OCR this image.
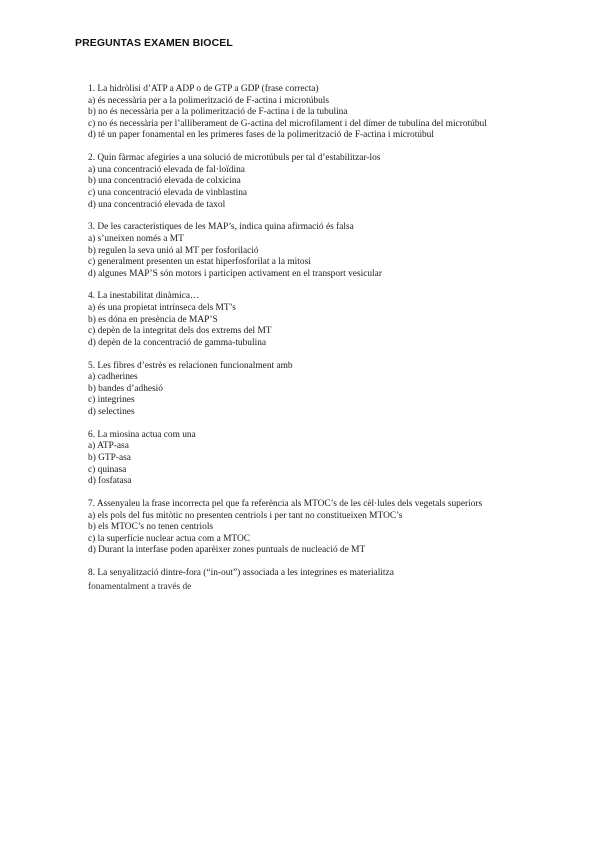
PREGUNTAS EXAMEN BIOCEL

1. La hidròlisi d’ATP a ADP o de GTP a GDP (frase correcta)

a) és necessària per a la polimerització de F-actina i microtúbuls

b) no és necessària per a la polimerització de F-actina i de la tubulina

c) no és necessària per l’alliberament de G-actina del microfilament i del dímer de tubulina del microtúbul

d) té un paper fonamental en les primeres fases de la polimerització de F-actina i microtúbul

2. Quin fàrmac afegiries a una solució de microtúbuls per tal d’estabilitzar-los

a) una concentració elevada de fal·loïdina

b) una concentració elevada de colxicina

c) una concentració elevada de vinblastina

d) una concentració elevada de taxol

3. De les característiques de les MAP’s, indica quina afirmació és falsa

a) s’uneixen només a MT

b) regulen la seva unió al MT per fosforilació

c) generalment presenten un estat hiperfosforilat a la mitosi

d) algunes MAP’S són motors i participen activament en el transport vesicular

4. La inestabilitat dinàmica…

a) és una propietat intrínseca dels MT’s

b) es dóna en presència de MAP’S

c) depèn de la integritat dels dos extrems del MT

d) depèn de la concentració de gamma-tubulina

5. Les fibres d’estrès es relacionen funcionalment amb

a) cadherines

b) bandes d’adhesió

c) integrines

d) selectines

6. La miosina actua com una

a) ATP-asa

b) GTP-asa

c) quinasa

d) fosfatasa

7. Assenyaleu la frase incorrecta pel que fa referència als MTOC’s de les cèl·lules dels vegetals superiors

a) els pols del fus mitòtic no presenten centriols i per tant no constitueixen MTOC’s

b) els MTOC’s no tenen centriols

c) la superfície nuclear actua com a MTOC

d) Durant la interfase poden aparèixer zones puntuals de nucleació de MT

8. La senyalització dintre-fora (“in-out”) associada a les integrines es materialitza

fonamentalment a través de
